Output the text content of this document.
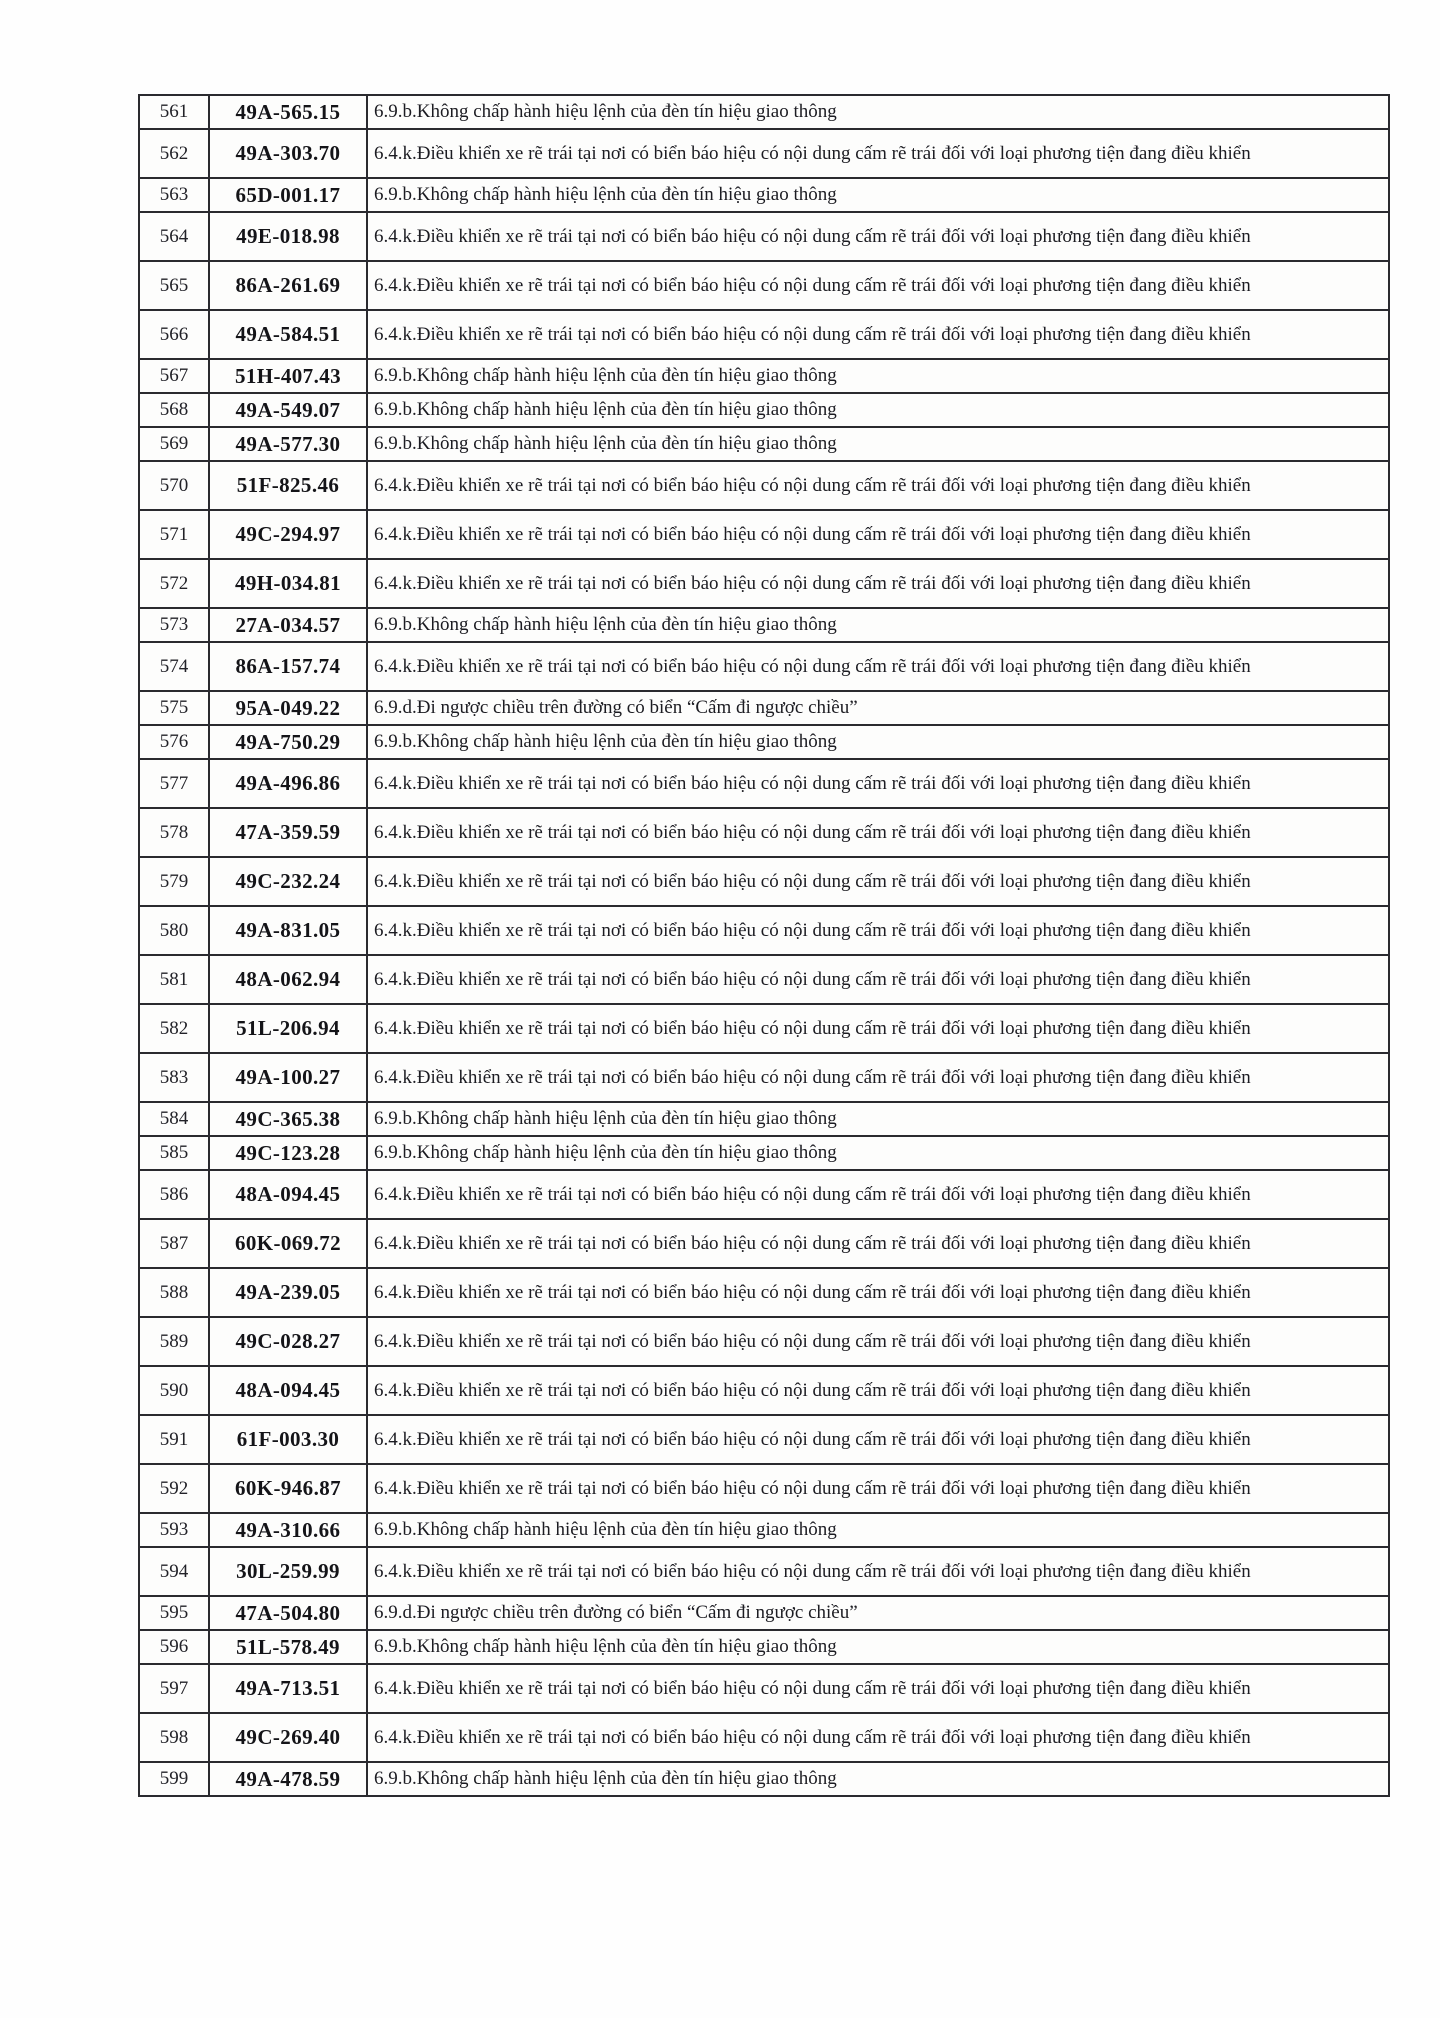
561	49A-565.15	6.9.b.Không chấp hành hiệu lệnh của đèn tín hiệu giao thông
562	49A-303.70	6.4.k.Điều khiển xe rẽ trái tại nơi có biển báo hiệu có nội dung cấm rẽ trái đối với loại phương tiện đang điều khiển
563	65D-001.17	6.9.b.Không chấp hành hiệu lệnh của đèn tín hiệu giao thông
564	49E-018.98	6.4.k.Điều khiển xe rẽ trái tại nơi có biển báo hiệu có nội dung cấm rẽ trái đối với loại phương tiện đang điều khiển
565	86A-261.69	6.4.k.Điều khiển xe rẽ trái tại nơi có biển báo hiệu có nội dung cấm rẽ trái đối với loại phương tiện đang điều khiển
566	49A-584.51	6.4.k.Điều khiển xe rẽ trái tại nơi có biển báo hiệu có nội dung cấm rẽ trái đối với loại phương tiện đang điều khiển
567	51H-407.43	6.9.b.Không chấp hành hiệu lệnh của đèn tín hiệu giao thông
568	49A-549.07	6.9.b.Không chấp hành hiệu lệnh của đèn tín hiệu giao thông
569	49A-577.30	6.9.b.Không chấp hành hiệu lệnh của đèn tín hiệu giao thông
570	51F-825.46	6.4.k.Điều khiển xe rẽ trái tại nơi có biển báo hiệu có nội dung cấm rẽ trái đối với loại phương tiện đang điều khiển
571	49C-294.97	6.4.k.Điều khiển xe rẽ trái tại nơi có biển báo hiệu có nội dung cấm rẽ trái đối với loại phương tiện đang điều khiển
572	49H-034.81	6.4.k.Điều khiển xe rẽ trái tại nơi có biển báo hiệu có nội dung cấm rẽ trái đối với loại phương tiện đang điều khiển
573	27A-034.57	6.9.b.Không chấp hành hiệu lệnh của đèn tín hiệu giao thông
574	86A-157.74	6.4.k.Điều khiển xe rẽ trái tại nơi có biển báo hiệu có nội dung cấm rẽ trái đối với loại phương tiện đang điều khiển
575	95A-049.22	6.9.d.Đi ngược chiều trên đường có biển “Cấm đi ngược chiều”
576	49A-750.29	6.9.b.Không chấp hành hiệu lệnh của đèn tín hiệu giao thông
577	49A-496.86	6.4.k.Điều khiển xe rẽ trái tại nơi có biển báo hiệu có nội dung cấm rẽ trái đối với loại phương tiện đang điều khiển
578	47A-359.59	6.4.k.Điều khiển xe rẽ trái tại nơi có biển báo hiệu có nội dung cấm rẽ trái đối với loại phương tiện đang điều khiển
579	49C-232.24	6.4.k.Điều khiển xe rẽ trái tại nơi có biển báo hiệu có nội dung cấm rẽ trái đối với loại phương tiện đang điều khiển
580	49A-831.05	6.4.k.Điều khiển xe rẽ trái tại nơi có biển báo hiệu có nội dung cấm rẽ trái đối với loại phương tiện đang điều khiển
581	48A-062.94	6.4.k.Điều khiển xe rẽ trái tại nơi có biển báo hiệu có nội dung cấm rẽ trái đối với loại phương tiện đang điều khiển
582	51L-206.94	6.4.k.Điều khiển xe rẽ trái tại nơi có biển báo hiệu có nội dung cấm rẽ trái đối với loại phương tiện đang điều khiển
583	49A-100.27	6.4.k.Điều khiển xe rẽ trái tại nơi có biển báo hiệu có nội dung cấm rẽ trái đối với loại phương tiện đang điều khiển
584	49C-365.38	6.9.b.Không chấp hành hiệu lệnh của đèn tín hiệu giao thông
585	49C-123.28	6.9.b.Không chấp hành hiệu lệnh của đèn tín hiệu giao thông
586	48A-094.45	6.4.k.Điều khiển xe rẽ trái tại nơi có biển báo hiệu có nội dung cấm rẽ trái đối với loại phương tiện đang điều khiển
587	60K-069.72	6.4.k.Điều khiển xe rẽ trái tại nơi có biển báo hiệu có nội dung cấm rẽ trái đối với loại phương tiện đang điều khiển
588	49A-239.05	6.4.k.Điều khiển xe rẽ trái tại nơi có biển báo hiệu có nội dung cấm rẽ trái đối với loại phương tiện đang điều khiển
589	49C-028.27	6.4.k.Điều khiển xe rẽ trái tại nơi có biển báo hiệu có nội dung cấm rẽ trái đối với loại phương tiện đang điều khiển
590	48A-094.45	6.4.k.Điều khiển xe rẽ trái tại nơi có biển báo hiệu có nội dung cấm rẽ trái đối với loại phương tiện đang điều khiển
591	61F-003.30	6.4.k.Điều khiển xe rẽ trái tại nơi có biển báo hiệu có nội dung cấm rẽ trái đối với loại phương tiện đang điều khiển
592	60K-946.87	6.4.k.Điều khiển xe rẽ trái tại nơi có biển báo hiệu có nội dung cấm rẽ trái đối với loại phương tiện đang điều khiển
593	49A-310.66	6.9.b.Không chấp hành hiệu lệnh của đèn tín hiệu giao thông
594	30L-259.99	6.4.k.Điều khiển xe rẽ trái tại nơi có biển báo hiệu có nội dung cấm rẽ trái đối với loại phương tiện đang điều khiển
595	47A-504.80	6.9.d.Đi ngược chiều trên đường có biển “Cấm đi ngược chiều”
596	51L-578.49	6.9.b.Không chấp hành hiệu lệnh của đèn tín hiệu giao thông
597	49A-713.51	6.4.k.Điều khiển xe rẽ trái tại nơi có biển báo hiệu có nội dung cấm rẽ trái đối với loại phương tiện đang điều khiển
598	49C-269.40	6.4.k.Điều khiển xe rẽ trái tại nơi có biển báo hiệu có nội dung cấm rẽ trái đối với loại phương tiện đang điều khiển
599	49A-478.59	6.9.b.Không chấp hành hiệu lệnh của đèn tín hiệu giao thông
